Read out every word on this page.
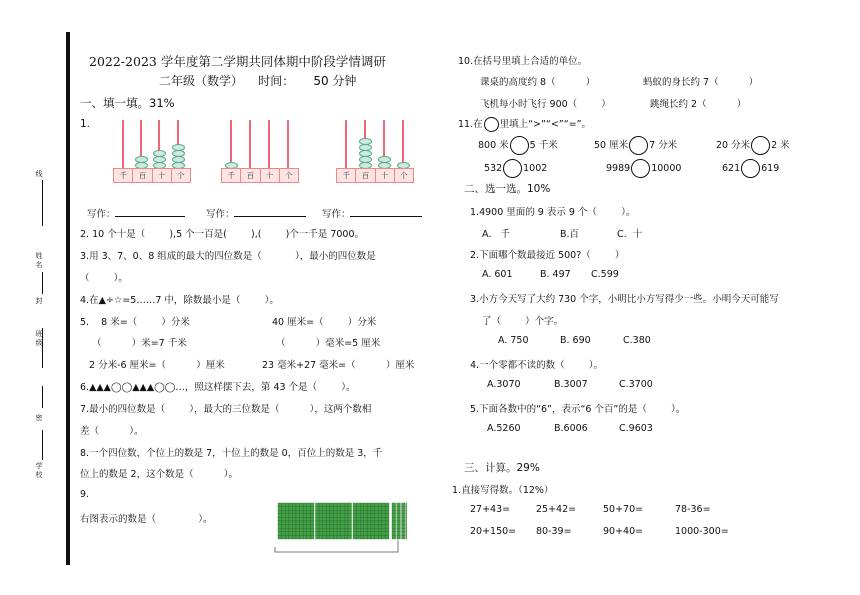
线
姓名
封
班级
密
学校
2022-2023 学年度第二学期共同体期中阶段学情调研
二年级（数学）    时间：     50 分钟
一、填一填。31%
1.
千	百	十	个	千	百	十	个	千	百	十	个
写作：	写作：	写作：
2. 10 个十是（        ),5 个一百是(        ),(        )个一千是 7000。
3.用 3、7、0、8 组成的最大的四位数是（           ），最小的四位数是
（        ）。
4.在▲÷☆=5……7 中，除数最小是（        ）。
5.    8 米=（        ）分米	40 厘米=（        ）分米
（          ）米=7 千米	（          ）毫米=5 厘米
2 分米-6 厘米=（          ）厘米	23 毫米+27 毫米=（          ）厘米
6.▲▲▲◯◯▲▲▲◯◯…，照这样摆下去，第 43 个是（        ）。
7.最小的四位数是（        ），最大的三位数是（          ），这两个数相
差（          ）。
8.一个四位数，个位上的数是 7，十位上的数是 0，百位上的数是 3，千
位上的数是 2，这个数是（          ）。
9.
右图表示的数是（              ）。
10.在括号里填上合适的单位。
课桌的高度约 8（          ）	蚂蚁的身长约 7（          ）
飞机每小时飞行 900（        ）	跳绳长约 2（          ）
11.在 里填上“>”“<”“=”。
800 米 5 千米	50 厘米 7 分米	20 分米 2 米
532 1002	9989 10000	621 619
二、选一选。10%
1.4900 里面的 9 表示 9 个（        ）。
A.   千	B.百	C.  十
2.下面哪个数最接近 500?（        ）
A. 601	B. 497 C.599
3.小方今天写了大约 730 个字，小明比小方写得少一些。小明今天可能写
了（        ）个字。
A. 750	B. 690	C.380
4.一个零都不读的数（        ）。
A.3070	B.3007	C.3700
5.下面各数中的“6”，表示“6 个百”的是（        ）。
A.5260	B.6006	C.9603
三、计算。29%
1.直接写得数。（12%）
27+43=	25+42=	50+70=	78-36=
20+150= 80-39=	90+40=	1000-300=
